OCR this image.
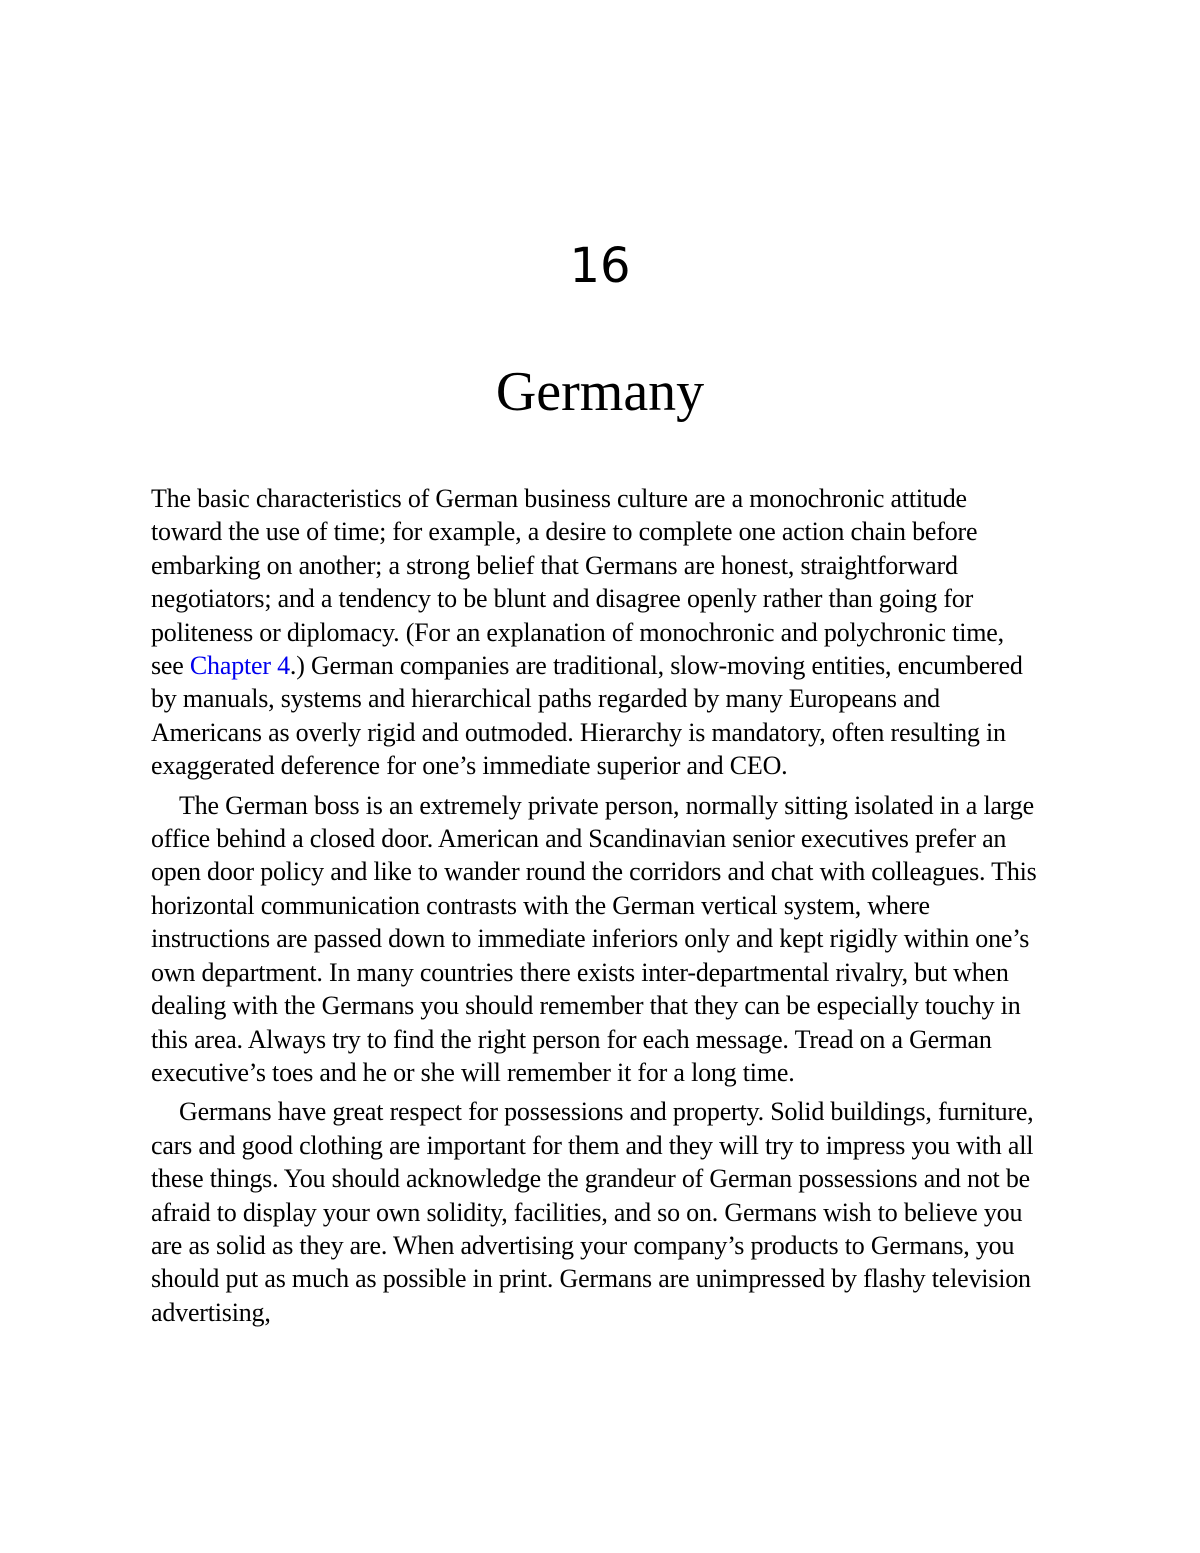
16
Germany

The basic characteristics of German business culture are a monochronic attitude toward the use of time; for example, a desire to complete one action chain before embarking on another; a strong belief that Germans are honest, straightforward negotiators; and a tendency to be blunt and disagree openly rather than going for politeness or diplomacy. (For an explanation of monochronic and polychronic time, see Chapter 4.) German companies are traditional, slow-moving entities, encumbered by manuals, systems and hierarchical paths regarded by many Europeans and Americans as overly rigid and outmoded. Hierarchy is mandatory, often resulting in exaggerated deference for one’s immediate superior and CEO.

The German boss is an extremely private person, normally sitting isolated in a large office behind a closed door. American and Scandinavian senior executives prefer an open door policy and like to wander round the corridors and chat with colleagues. This horizontal communication contrasts with the German vertical system, where instructions are passed down to immediate inferiors only and kept rigidly within one’s own department. In many countries there exists inter-departmental rivalry, but when dealing with the Germans you should remember that they can be especially touchy in this area. Always try to find the right person for each message. Tread on a German executive’s toes and he or she will remember it for a long time.

Germans have great respect for possessions and property. Solid buildings, furniture, cars and good clothing are important for them and they will try to impress you with all these things. You should acknowledge the grandeur of German possessions and not be afraid to display your own solidity, facilities, and so on. Germans wish to believe you are as solid as they are. When advertising your company’s products to Germans, you should put as much as possible in print. Germans are unimpressed by flashy television advertising,
